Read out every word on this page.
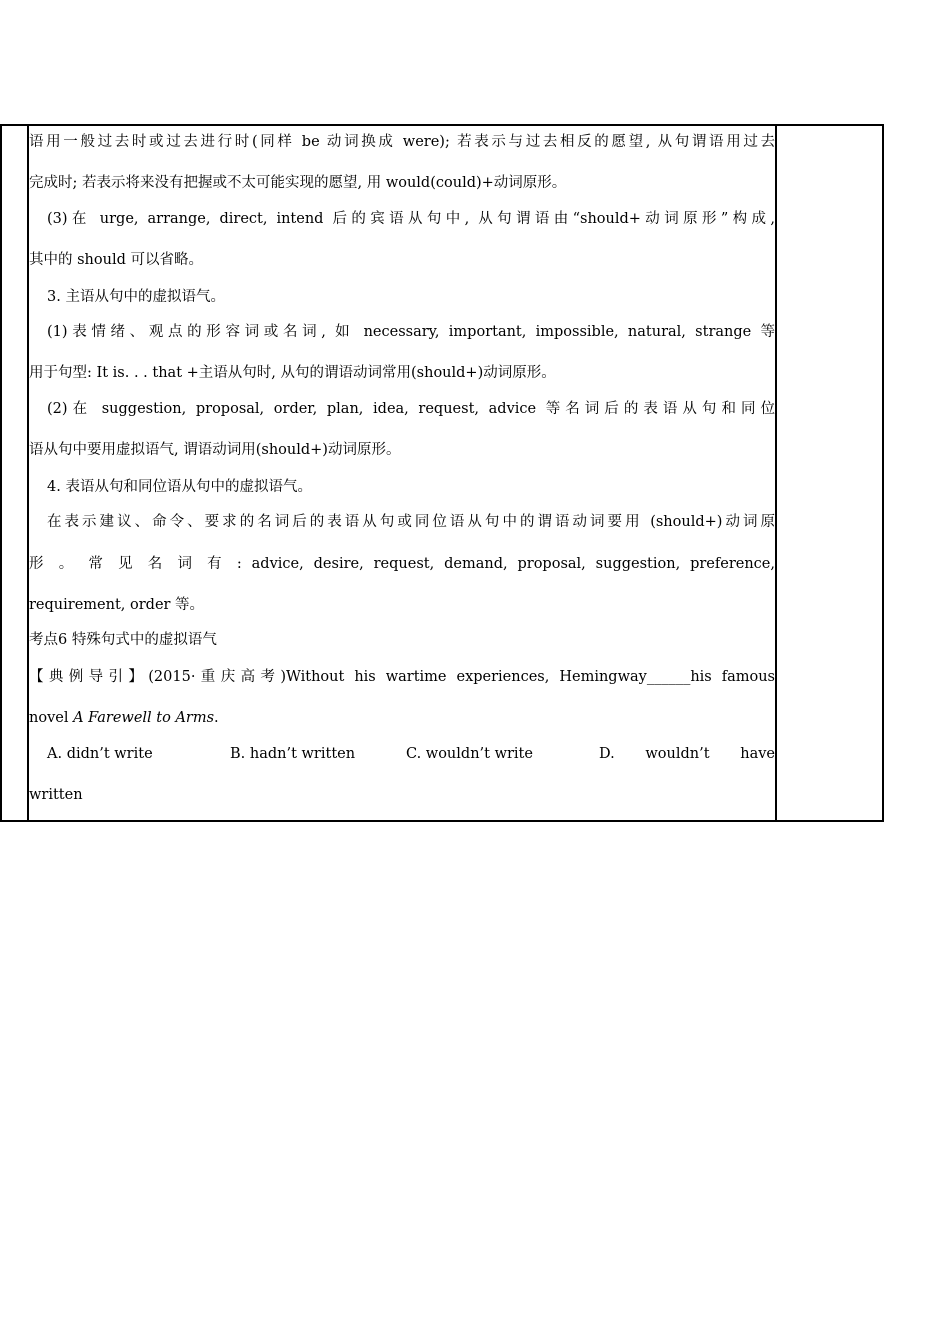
语用一般过去时或过去进行时(同样 be 动词换成 were); 若表示与过去相反的愿望, 从句谓语用过去
完成时; 若表示将来没有把握或不太可能实现的愿望, 用 would(could)+动词原形。
(3)在 urge, arrange, direct, intend 后的宾语从句中, 从句谓语由“should+动词原形”构成,
其中的 should 可以省略。
3. 主语从句中的虚拟语气。
(1)表情绪、观点的形容词或名词, 如 necessary, important, impossible, natural, strange 等
用于句型: It is. . . that +主语从句时, 从句的谓语动词常用(should+)动词原形。
(2)在 suggestion, proposal, order, plan, idea, request, advice 等名词后的表语从句和同位
语从句中要用虚拟语气, 谓语动词用(should+)动词原形。
4. 表语从句和同位语从句中的虚拟语气。
在表示建议、命令、要求的名词后的表语从句或同位语从句中的谓语动词要用 (should+)动词原
形 。 常 见 名 词 有 : advice, desire, request, demand, proposal, suggestion, preference,
requirement, order 等。
考点6 特殊句式中的虚拟语气
【典例导引】(2015·重庆高考)Without his wartime experiences, Hemingway______his famous
novel A Farewell to Arms.
A. didn’t write	B. hadn’t written	C. wouldn’t write	D. wouldn’t have
written
